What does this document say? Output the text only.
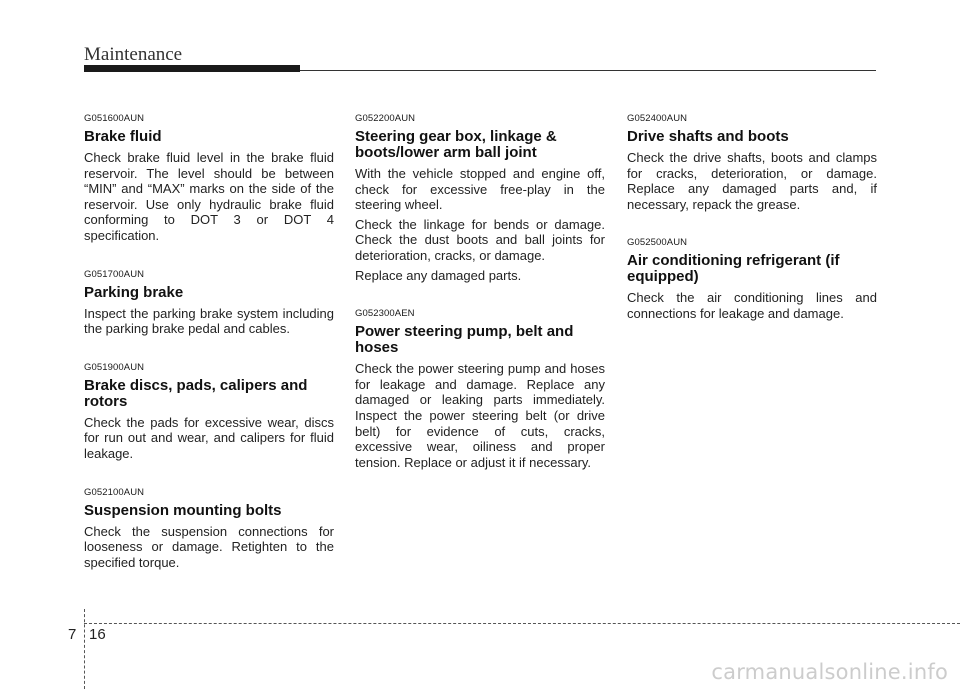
Maintenance
G051600AUN
Brake fluid

Check brake fluid level in the brake fluid reservoir. The level should be between “MIN” and “MAX” marks on the side of the reservoir. Use only hydraulic brake fluid conforming to DOT 3 or DOT 4 specification.

G051700AUN
Parking brake

Inspect the parking brake system including the parking brake pedal and cables.

G051900AUN
Brake discs, pads, calipers and rotors

Check the pads for excessive wear, discs for run out and wear, and calipers for fluid leakage.

G052100AUN
Suspension mounting bolts

Check the suspension connections for looseness or damage. Retighten to the specified torque.

G052200AUN
Steering gear box, linkage & boots/lower arm ball joint

With the vehicle stopped and engine off, check for excessive free-play in the steering wheel.

Check the linkage for bends or damage. Check the dust boots and ball joints for deterioration, cracks, or damage.

Replace any damaged parts.

G052300AEN
Power steering pump, belt and hoses

Check the power steering pump and hoses for leakage and damage. Replace any damaged or leaking parts immediately. Inspect the power steering belt (or drive belt) for evidence of cuts, cracks, excessive wear, oiliness and proper tension. Replace or adjust it if necessary.

G052400AUN
Drive shafts and boots

Check the drive shafts, boots and clamps for cracks, deterioration, or damage. Replace any damaged parts and, if necessary, repack the grease.

G052500AUN
Air conditioning refrigerant (if equipped)

Check the air conditioning lines and connections for leakage and damage.

7 16
carmanualsonline.info
